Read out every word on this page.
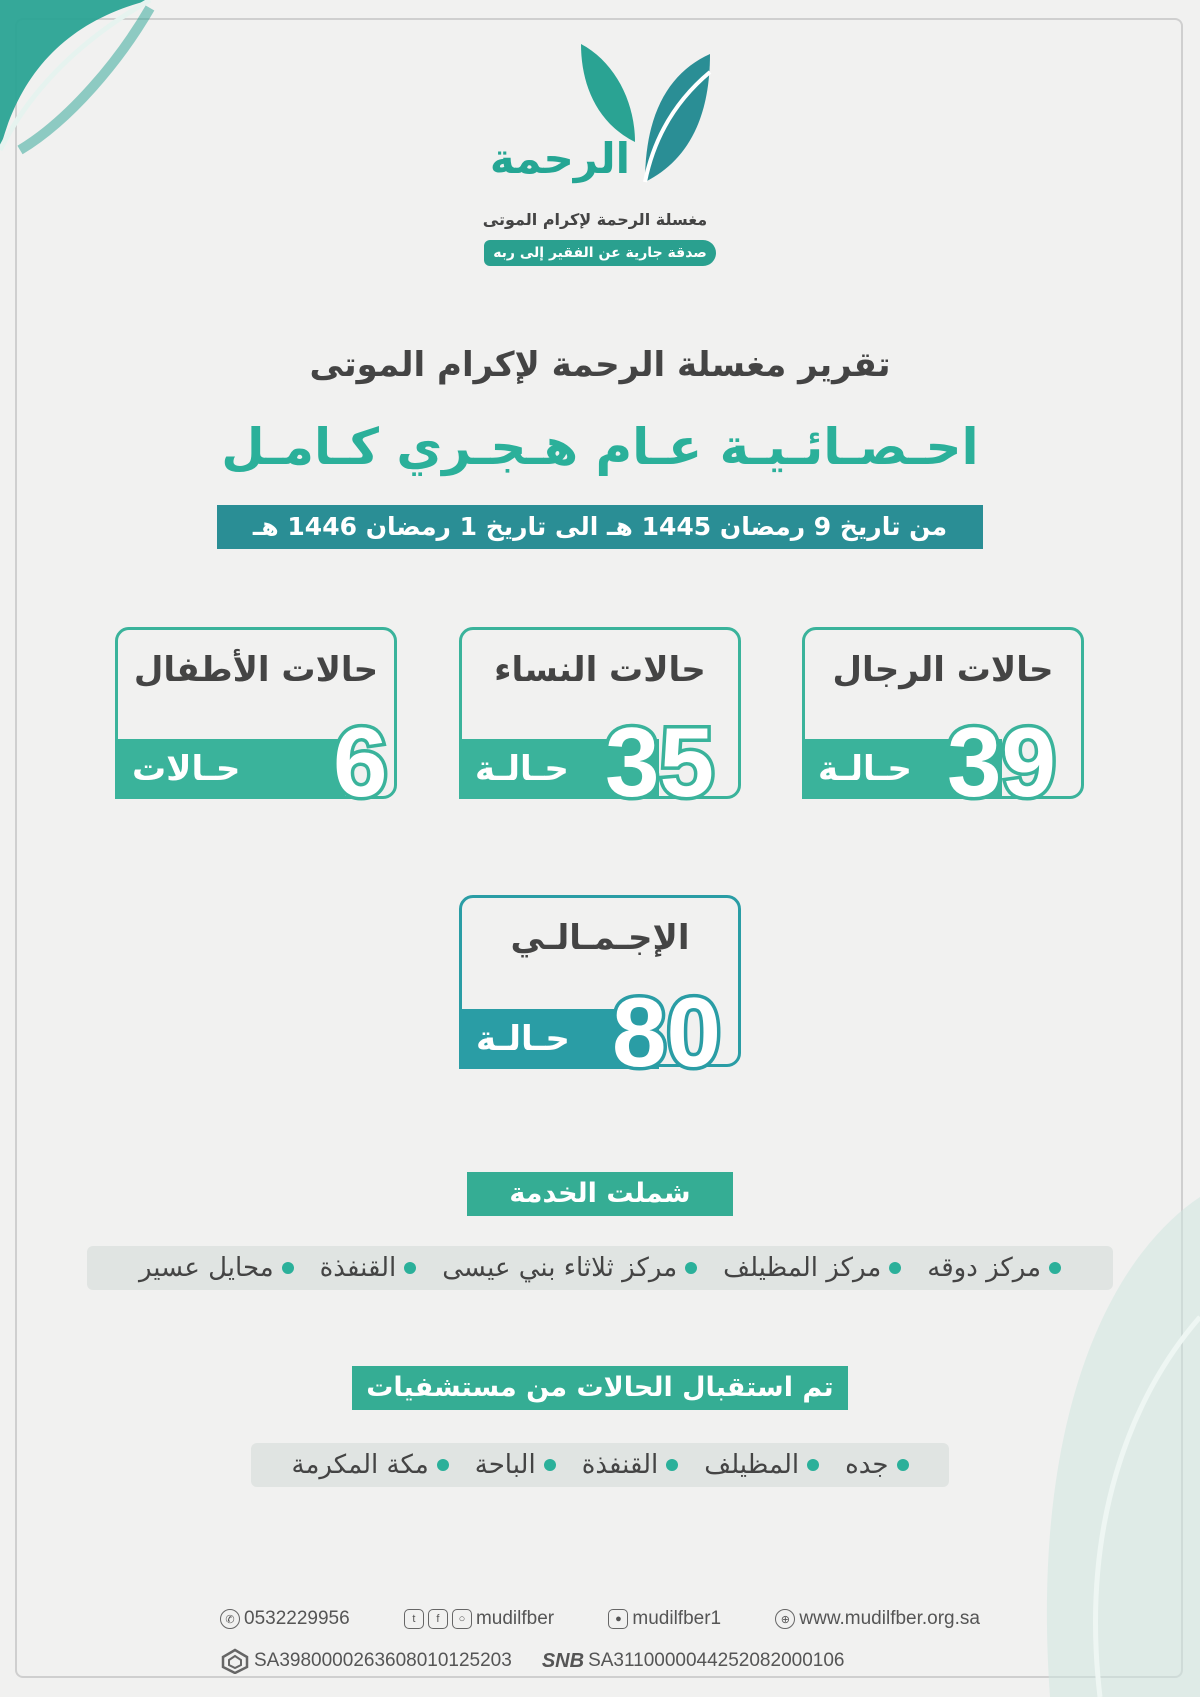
الرحمة
مغسلة الرحمة لإكرام الموتى
صدقة جارية عن الفقير إلى ربه
تقرير مغسلة الرحمة لإكرام الموتى
احـصـائـيـة عـام هـجـري كـامـل
من تاريخ 9 رمضان 1445 هـ الى تاريخ 1 رمضان 1446 هـ
حالات الرجال
حـالـة 39
حالات النساء
حـالـة 35
حالات الأطفال
حـالات 6
الإجـمـالـي
حـالـة 80
شملت الخدمة
مركز دوقه
مركز المظيلف
مركز ثلاثاء بني عيسى
القنفذة
محايل عسير
تم استقبال الحالات من مستشفيات
جده
المظيلف
القنفذة
الباحة
مكة المكرمة
✆ 0532229956	t	f	○ mudilfber	● mudilfber1	⊕ www.mudilfber.org.sa
SA3980000263608010125203 SNB SA3110000044252082000106
